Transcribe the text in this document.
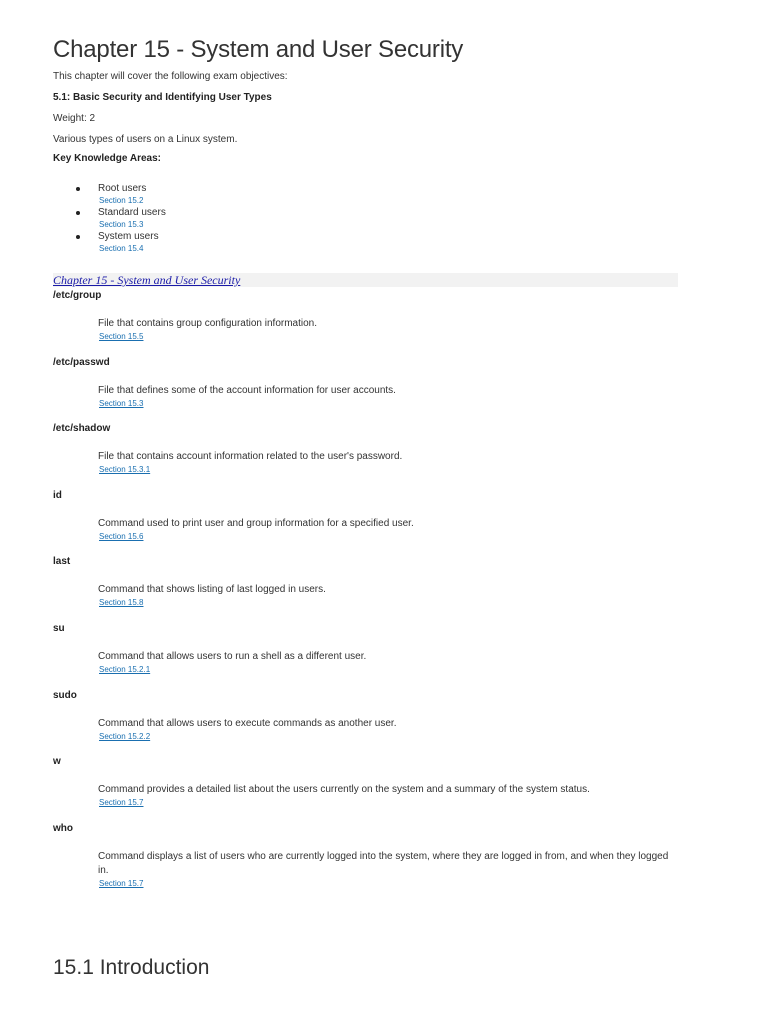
Chapter 15 - System and User Security
This chapter will cover the following exam objectives:
5.1: Basic Security and Identifying User Types
Weight: 2
Various types of users on a Linux system.
Key Knowledge Areas:
Root users
Section 15.2
Standard users
Section 15.3
System users
Section 15.4
Chapter 15 - System and User Security
/etc/group
File that contains group configuration information.
Section 15.5
/etc/passwd
File that defines some of the account information for user accounts.
Section 15.3
/etc/shadow
File that contains account information related to the user's password.
Section 15.3.1
id
Command used to print user and group information for a specified user.
Section 15.6
last
Command that shows listing of last logged in users.
Section 15.8
su
Command that allows users to run a shell as a different user.
Section 15.2.1
sudo
Command that allows users to execute commands as another user.
Section 15.2.2
w
Command provides a detailed list about the users currently on the system and a summary of the system status.
Section 15.7
who
Command displays a list of users who are currently logged into the system, where they are logged in from, and when they logged in.
Section 15.7
15.1 Introduction
